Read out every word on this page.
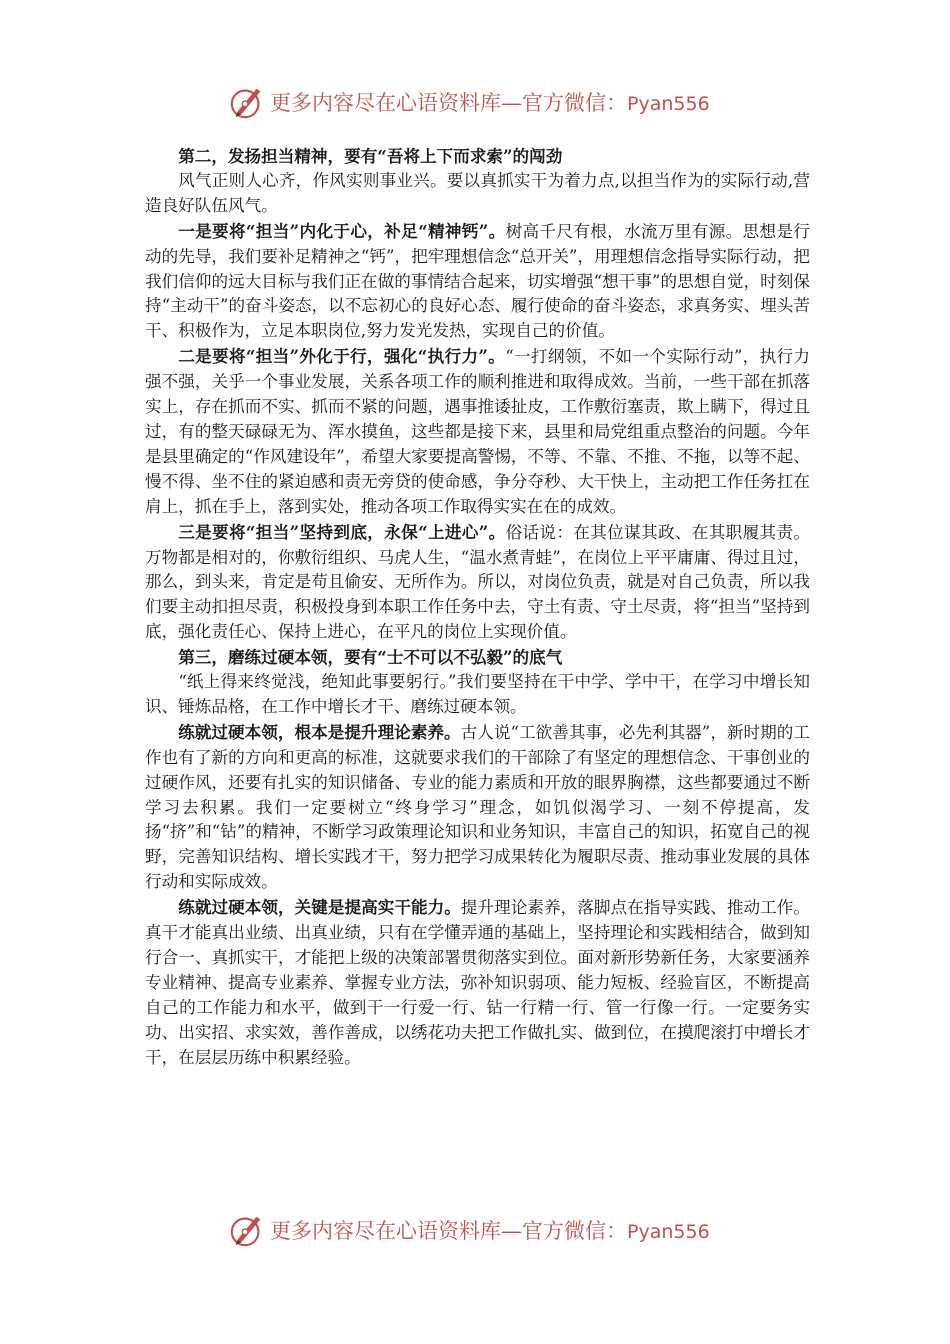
更多内容尽在心语资料库—官方微信：Pyan556

第二，发扬担当精神，要有“吾将上下而求索”的闯劲

风气正则人心齐，作风实则事业兴。要以真抓实干为着力点,以担当作为的实际行动,营造良好队伍风气。

一是要将“担当”内化于心，补足“精神钙”。树高千尺有根，水流万里有源。思想是行动的先导，我们要补足精神之“钙”，把牢理想信念“总开关”，用理想信念指导实际行动，把我们信仰的远大目标与我们正在做的事情结合起来，切实增强“想干事”的思想自觉，时刻保持“主动干”的奋斗姿态，以不忘初心的良好心态、履行使命的奋斗姿态，求真务实、埋头苦干、积极作为，立足本职岗位,努力发光发热，实现自己的价值。

二是要将“担当”外化于行，强化“执行力”。“一打纲领，不如一个实际行动”，执行力强不强，关乎一个事业发展，关系各项工作的顺利推进和取得成效。当前，一些干部在抓落实上，存在抓而不实、抓而不紧的问题，遇事推诿扯皮，工作敷衍塞责，欺上瞒下，得过且过，有的整天碌碌无为、浑水摸鱼，这些都是接下来，县里和局党组重点整治的问题。今年是县里确定的“作风建设年”，希望大家要提高警惕，不等、不靠、不推、不拖，以等不起、慢不得、坐不住的紧迫感和责无旁贷的使命感，争分夺秒、大干快上，主动把工作任务扛在肩上，抓在手上，落到实处，推动各项工作取得实实在在的成效。

三是要将“担当”坚持到底，永保“上进心”。俗话说：在其位谋其政、在其职履其责。万物都是相对的，你敷衍组织、马虎人生，“温水煮青蛙”，在岗位上平平庸庸、得过且过，那么，到头来，肯定是苟且偷安、无所作为。所以，对岗位负责，就是对自己负责，所以我们要主动扣担尽责，积极投身到本职工作任务中去，守土有责、守土尽责，将“担当”坚持到底，强化责任心、保持上进心，在平凡的岗位上实现价值。

第三，磨练过硬本领，要有“士不可以不弘毅”的底气

“纸上得来终觉浅，绝知此事要躬行。”我们要坚持在干中学、学中干，在学习中增长知识、锤炼品格，在工作中增长才干、磨练过硬本领。

练就过硬本领，根本是提升理论素养。古人说“工欲善其事，必先利其器”，新时期的工作也有了新的方向和更高的标准，这就要求我们的干部除了有坚定的理想信念、干事创业的过硬作风，还要有扎实的知识储备、专业的能力素质和开放的眼界胸襟，这些都要通过不断学习去积累。我们一定要树立“终身学习”理念，如饥似渴学习、一刻不停提高，发扬“挤”和“钻”的精神，不断学习政策理论知识和业务知识，丰富自己的知识，拓宽自己的视野，完善知识结构、增长实践才干，努力把学习成果转化为履职尽责、推动事业发展的具体行动和实际成效。

练就过硬本领，关键是提高实干能力。提升理论素养，落脚点在指导实践、推动工作。真干才能真出业绩、出真业绩，只有在学懂弄通的基础上，坚持理论和实践相结合，做到知行合一、真抓实干，才能把上级的决策部署贯彻落实到位。面对新形势新任务，大家要涵养专业精神、提高专业素养、掌握专业方法，弥补知识弱项、能力短板、经验盲区，不断提高自己的工作能力和水平，做到干一行爱一行、钻一行精一行、管一行像一行。一定要务实功、出实招、求实效，善作善成，以绣花功夫把工作做扎实、做到位，在摸爬滚打中增长才干，在层层历练中积累经验。

更多内容尽在心语资料库—官方微信：Pyan556
